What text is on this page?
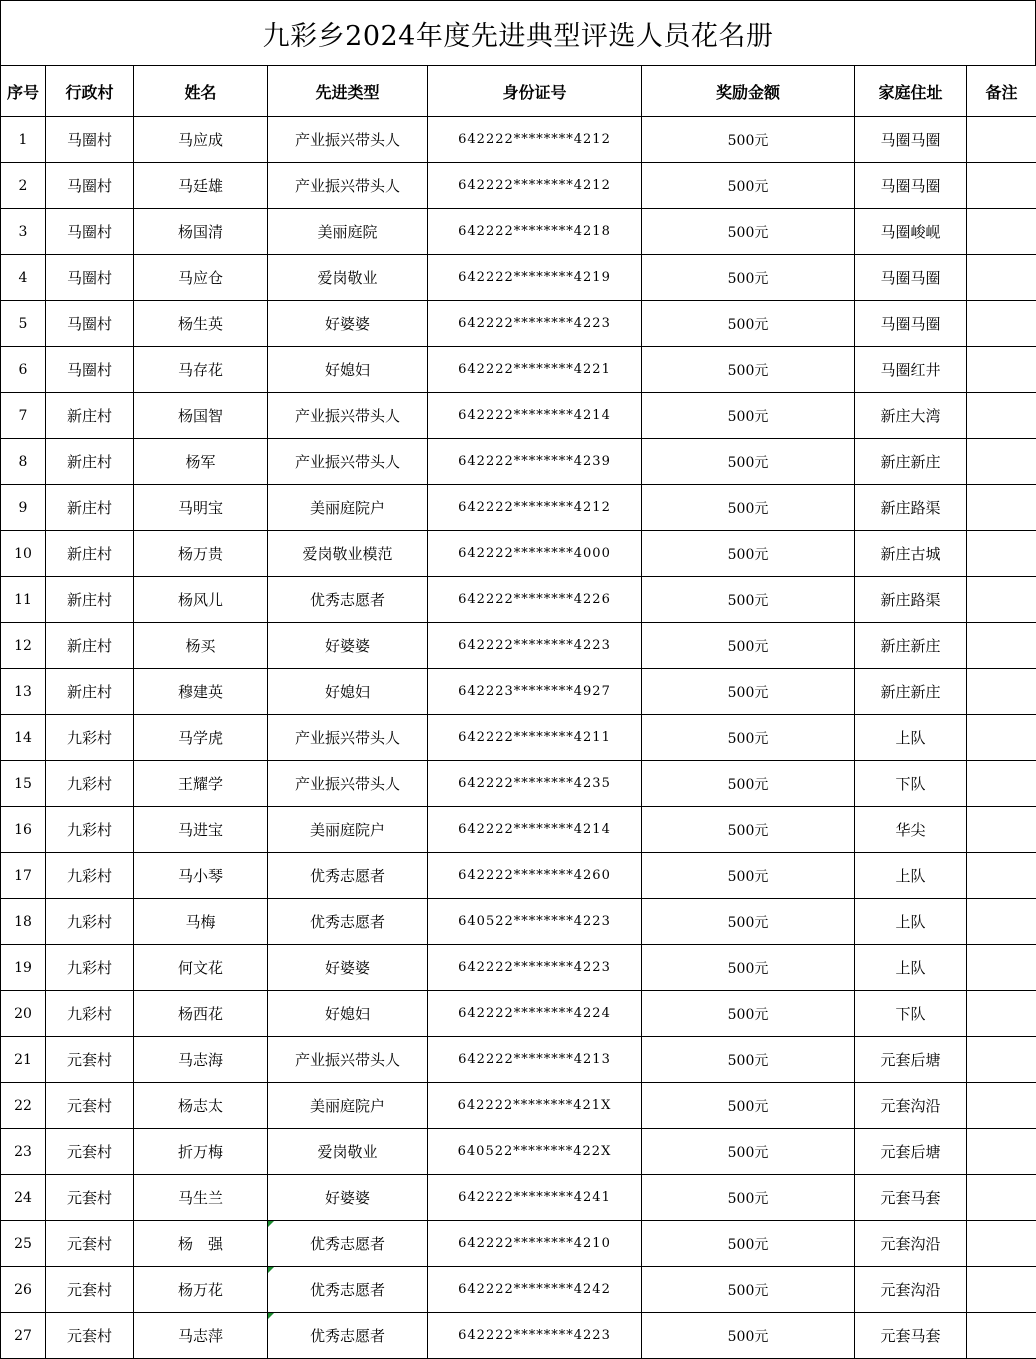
九彩乡2024年度先进典型评选人员花名册
序号	行政村	姓名	先进类型	身份证号	奖励金额	家庭住址	备注
1	马圈村	马应成	产业振兴带头人	642222********4212	500元	马圈马圈	
2	马圈村	马廷雄	产业振兴带头人	642222********4212	500元	马圈马圈	
3	马圈村	杨国清	美丽庭院	642222********4218	500元	马圈峻岘	
4	马圈村	马应仓	爱岗敬业	642222********4219	500元	马圈马圈	
5	马圈村	杨生英	好婆婆	642222********4223	500元	马圈马圈	
6	马圈村	马存花	好媳妇	642222********4221	500元	马圈红井	
7	新庄村	杨国智	产业振兴带头人	642222********4214	500元	新庄大湾	
8	新庄村	杨军	产业振兴带头人	642222********4239	500元	新庄新庄	
9	新庄村	马明宝	美丽庭院户	642222********4212	500元	新庄路渠	
10	新庄村	杨万贵	爱岗敬业模范	642222********4000	500元	新庄古城	
11	新庄村	杨风儿	优秀志愿者	642222********4226	500元	新庄路渠	
12	新庄村	杨买	好婆婆	642222********4223	500元	新庄新庄	
13	新庄村	穆建英	好媳妇	642223********4927	500元	新庄新庄	
14	九彩村	马学虎	产业振兴带头人	642222********4211	500元	上队	
15	九彩村	王耀学	产业振兴带头人	642222********4235	500元	下队	
16	九彩村	马进宝	美丽庭院户	642222********4214	500元	华尖	
17	九彩村	马小琴	优秀志愿者	642222********4260	500元	上队	
18	九彩村	马梅	优秀志愿者	640522********4223	500元	上队	
19	九彩村	何文花	好婆婆	642222********4223	500元	上队	
20	九彩村	杨西花	好媳妇	642222********4224	500元	下队	
21	元套村	马志海	产业振兴带头人	642222********4213	500元	元套后塘	
22	元套村	杨志太	美丽庭院户	642222********421X	500元	元套沟沿	
23	元套村	折万梅	爱岗敬业	640522********422X	500元	元套后塘	
24	元套村	马生兰	好婆婆	642222********4241	500元	元套马套	
25	元套村	杨　强	优秀志愿者	642222********4210	500元	元套沟沿	
26	元套村	杨万花	优秀志愿者	642222********4242	500元	元套沟沿	
27	元套村	马志萍	优秀志愿者	642222********4223	500元	元套马套	
